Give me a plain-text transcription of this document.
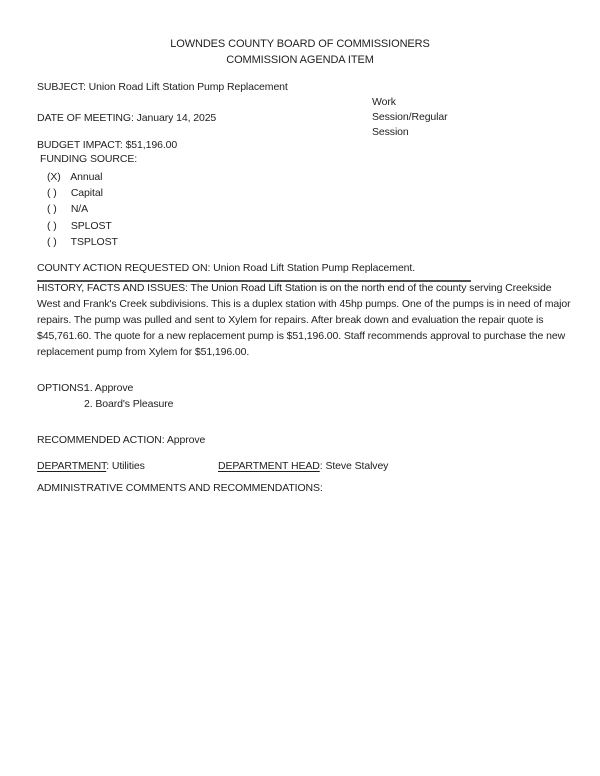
LOWNDES COUNTY BOARD OF COMMISSIONERS
COMMISSION AGENDA ITEM
SUBJECT: Union Road Lift Station Pump Replacement
Work
Session/Regular
Session
DATE OF MEETING: January 14, 2025
BUDGET IMPACT: $51,196.00
FUNDING SOURCE:
(X) Annual
( ) Capital
( ) N/A
( ) SPLOST
( ) TSPLOST
COUNTY ACTION REQUESTED ON: Union Road Lift Station Pump Replacement.
HISTORY, FACTS AND ISSUES: The Union Road Lift Station is on the north end of the county serving Creekside West and Frank's Creek subdivisions. This is a duplex station with 45hp pumps. One of the pumps is in need of major repairs. The pump was pulled and sent to Xylem for repairs. After break down and evaluation the repair quote is $45,761.60. The quote for a new replacement pump is $51,196.00. Staff recommends approval to purchase the new replacement pump from Xylem for $51,196.00.
OPTIONS:
1. Approve
2. Board's Pleasure
RECOMMENDED ACTION: Approve
DEPARTMENT: Utilities	DEPARTMENT HEAD: Steve Stalvey
ADMINISTRATIVE COMMENTS AND RECOMMENDATIONS:
